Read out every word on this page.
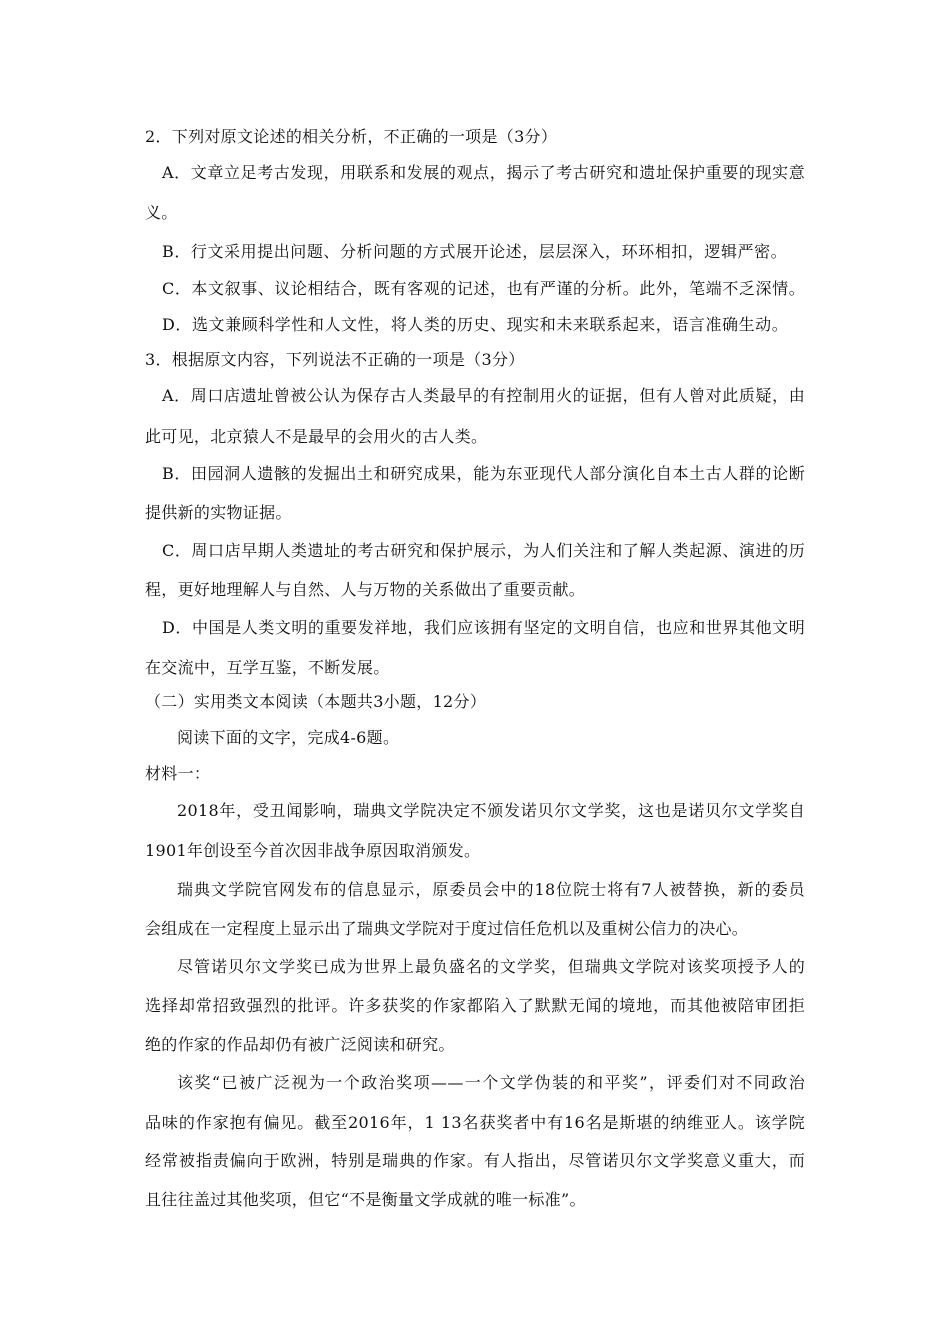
2．下列对原文论述的相关分析，不正确的一项是（3分）
A．文章立足考古发现，用联系和发展的观点，揭示了考古研究和遗址保护重要的现实意
义。
B．行文采用提出问题、分析问题的方式展开论述，层层深入，环环相扣，逻辑严密。
C．本文叙事、议论相结合，既有客观的记述，也有严谨的分析。此外，笔端不乏深情。
D．选文兼顾科学性和人文性，将人类的历史、现实和未来联系起来，语言准确生动。
3．根据原文内容，下列说法不正确的一项是（3分）
A．周口店遗址曾被公认为保存古人类最早的有控制用火的证据，但有人曾对此质疑，由
此可见，北京猿人不是最早的会用火的古人类。
B．田园洞人遗骸的发掘出土和研究成果，能为东亚现代人部分演化自本土古人群的论断
提供新的实物证据。
C．周口店早期人类遗址的考古研究和保护展示，为人们关注和了解人类起源、演进的历
程，更好地理解人与自然、人与万物的关系做出了重要贡献。
D．中国是人类文明的重要发祥地，我们应该拥有坚定的文明自信，也应和世界其他文明
在交流中，互学互鉴，不断发展。
（二）实用类文本阅读（本题共3小题，12分）
阅读下面的文字，完成4-6题。
材料一：
2018年，受丑闻影响，瑞典文学院决定不颁发诺贝尔文学奖，这也是诺贝尔文学奖自
1901年创设至今首次因非战争原因取消颁发。
瑞典文学院官网发布的信息显示，原委员会中的18位院士将有7人被替换，新的委员
会组成在一定程度上显示出了瑞典文学院对于度过信任危机以及重树公信力的决心。
尽管诺贝尔文学奖已成为世界上最负盛名的文学奖，但瑞典文学院对该奖项授予人的
选择却常招致强烈的批评。许多获奖的作家都陷入了默默无闻的境地，而其他被陪审团拒
绝的作家的作品却仍有被广泛阅读和研究。
该奖“已被广泛视为一个政治奖项——一个文学伪装的和平奖”，评委们对不同政治
品味的作家抱有偏见。截至2016年，1 13名获奖者中有16名是斯堪的纳维亚人。该学院
经常被指责偏向于欧洲，特别是瑞典的作家。有人指出，尽管诺贝尔文学奖意义重大，而
且往往盖过其他奖项，但它“不是衡量文学成就的唯一标准”。
